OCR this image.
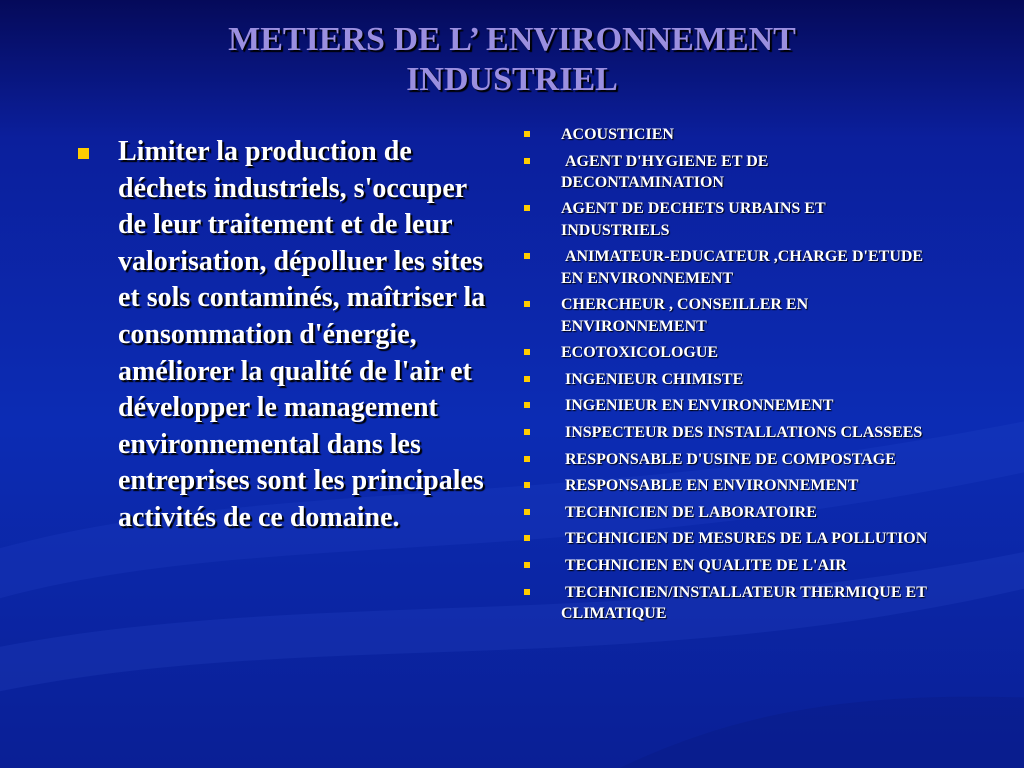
METIERS DE L’ ENVIRONNEMENT
INDUSTRIEL
Limiter la production de déchets industriels, s'occuper de leur traitement et de leur valorisation, dépolluer les sites et sols contaminés, maîtriser la consommation d'énergie, améliorer la qualité de l'air et développer le management environnemental dans les entreprises sont les principales activités de ce domaine.
ACOUSTICIEN
AGENT D'HYGIENE ET DE DECONTAMINATION
AGENT DE DECHETS URBAINS ET INDUSTRIELS
ANIMATEUR-EDUCATEUR ,CHARGE D'ETUDE EN ENVIRONNEMENT
CHERCHEUR , CONSEILLER EN ENVIRONNEMENT
ECOTOXICOLOGUE
INGENIEUR CHIMISTE
INGENIEUR EN ENVIRONNEMENT
INSPECTEUR DES INSTALLATIONS CLASSEES
RESPONSABLE D'USINE DE COMPOSTAGE
RESPONSABLE EN ENVIRONNEMENT
TECHNICIEN DE LABORATOIRE
TECHNICIEN DE MESURES DE LA POLLUTION
TECHNICIEN EN QUALITE DE L'AIR
TECHNICIEN/INSTALLATEUR THERMIQUE ET CLIMATIQUE
